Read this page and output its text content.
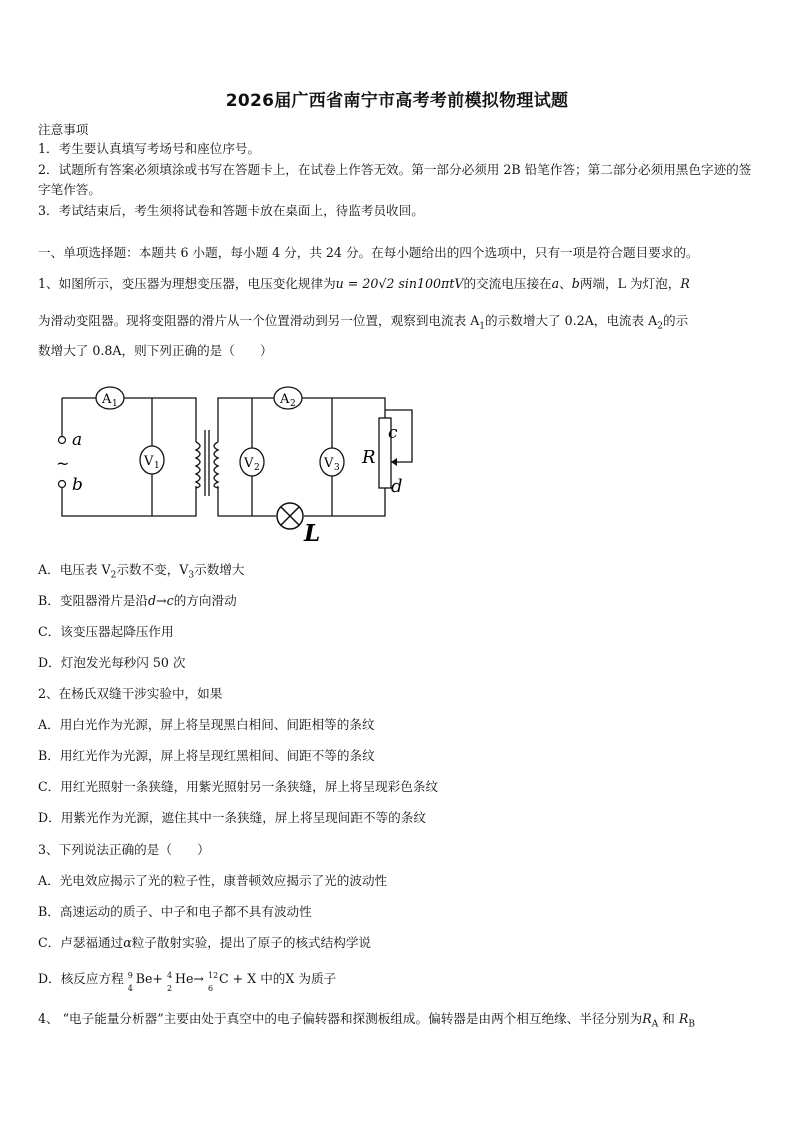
2026届广西省南宁市高考考前模拟物理试题
注意事项
1．考生要认真填写考场号和座位序号。
2．试题所有答案必须填涂或书写在答题卡上，在试卷上作答无效。第一部分必须用 2B 铅笔作答；第二部分必须用黑色字迹的签字笔作答。
3．考试结束后，考生须将试卷和答题卡放在桌面上，待监考员收回。
一、单项选择题：本题共 6 小题，每小题 4 分，共 24 分。在每小题给出的四个选项中，只有一项是符合题目要求的。
1、如图所示，变压器为理想变压器，电压变化规律为u = 20√2 sin100πtV的交流电压接在a、b两端，L 为灯泡，R
为滑动变阻器。现将变阻器的滑片从一个位置滑动到另一位置，观察到电流表 $A_1$的示数增大了 0.2A，电流表 $A_2$的示
数增大了 0.8A，则下列正确的是（　　）
a
~
b
A 1
V 1
A 2
V 2	V 3 R
c
d
L
A．电压表 $V_2$示数不变，$V_3$示数增大
B．变阻器滑片是沿d→c的方向滑动
C．该变压器起降压作用
D．灯泡发光每秒闪 50 次
2、在杨氏双缝干涉实验中，如果
A．用白光作为光源，屏上将呈现黑白相间、间距相等的条纹
B．用红光作为光源，屏上将呈现红黑相间、间距不等的条纹
C．用红光照射一条狭缝，用紫光照射另一条狭缝，屏上将呈现彩色条纹
D．用紫光作为光源，遮住其中一条狭缝，屏上将呈现间距不等的条纹
3、下列说法正确的是（　　）
A．光电效应揭示了光的粒子性，康普顿效应揭示了光的波动性
B．高速运动的质子、中子和电子都不具有波动性
C．卢瑟福通过α粒子散射实验，提出了原子的核式结构学说
D．核反应方程 9
4
Be+ 4
2
He→ 12
6
C + X 中的X 为质子
4、 “电子能量分析器”主要由处于真空中的电子偏转器和探测板组成。偏转器是由两个相互绝缘、半径分别为$R_A$ 和 $R_B$
